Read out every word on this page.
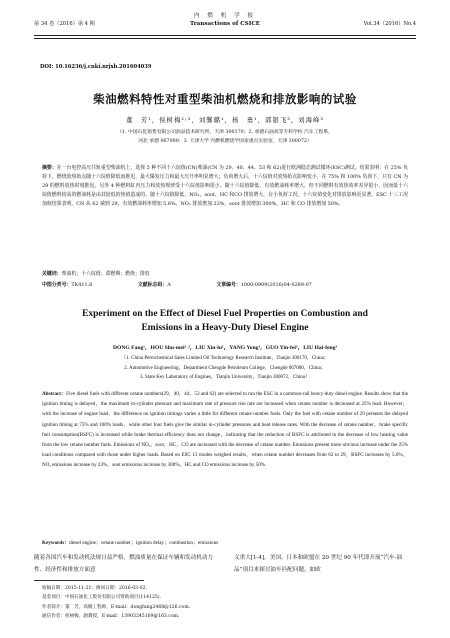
第 34 卷（2016）第 4 期
内 燃 机 学 报
Transactions of CSICE	Vol.34（2016）No.4
DOI: 10.16236/j.cnki.nrjxb.201604039
柴油燃料特性对重型柴油机燃烧和排放影响的试验
董　芳¹，侯树梅²˒³，刘馨璐¹，杨　勇¹，郭银飞³，刘海峰³
（1. 中国石化销售有限公司油品技术研究所，天津 300170；2. 承德石油高等专科学校 汽车工程系，
河北 承德 067000；3. 天津大学 内燃机燃烧学国家重点实验室，天津 300072）
摘要：在一台电控高压共轨重型柴油机上，选择 5 种不同十六烷值(CN)柴油(CN 为 29、40、44、53 和 62)进行欧洲稳态测试循环(ESC)测试。结果表明：在 25% 负荷下，燃烧放热始点随十六烷值降低而推迟，最大爆发压力和最大压升率明显增大；负荷增大后，十六烷值对放热始点影响变小，在 75% 和 100% 负荷下，只有 CN 为 29 的燃料放热时刻推迟。另外 4 种燃料缸内压力和放热规律受十六烷值影响很小。随十六烷值降低，有效燃油耗率增大，但不同燃料有效热效率差异很小，因而低十六烷值燃料较高的燃油耗是由其较低的热值造成的。随十六烷值降低，NOₓ、soot、HC 和CO 排放增大。在小负荷工况，十六烷值变化对排放影响更显著。ESC 十三工况加权结果表明，CN 从 62 减到 29，有效燃油耗率增加 5.6%，NOₓ 排放增加 23%，soot 排放增加 300%，HC 和 CO 排放增加 50%。
关键词：柴油机；十六烷值；滞燃期；燃烧；排放
中图分类号：TK411.8	文献标志码：A	文章编号：1000-0909(2016)04-0289-07
Experiment on the Effect of Diesel Fuel Properties on Combustion and
Emissions in a Heavy-Duty Diesel Engine
DONG Fang¹，HOU Shu-mei²˒³，LIU Xin-lu¹，YANG Yong¹，GUO Yin-fei³，LIU Hai-feng³
（1. China Petrochemical Sales Limited Oil Technology Research Institute，Tianjin 300170，China；
2. Automotive Engineering，Department Chengde Petroleum College，Chengde 067000，China；
3. State Key Laboratory of Engines，Tianjin University，Tianjin 300072，China）
Abstract：Five diesel fuels with different cetane numbers(29，40，44，53 and 62) are selected to run the ESC in a common-rail heavy-duty diesel engine. Results show that the ignition timing is delayed，the maximum in-cylinder pressure and maximum rate of pressure rise rate are increased when cetane number is decreased at 25% load. However，with the increase of engine load，the difference on ignition timings varies a little for different cetane number fuels. Only the fuel with cetane number of 29 presents the delayed ignition timing at 75% and 100% loads，while other four fuels give the similar in-cylinder pressures and heat release rates. With the decrease of cetane number，brake specific fuel consumption(BSFC) is increased while brake thermal efficiency does not change，indicating that the reduction of BSFC is attributed to the decrease of low heating value from the low cetane number fuels. Emissions of NOₓ，soot，HC，CO are increased with the decrease of cetane number. Emissions present more obvious increase under the 25% load conditions compared with those under higher loads. Based on ESC 13 modes weighed results，when cetane number decreases from 62 to 29，BSFC increases by 5.6%，NOₓ emissions increase by 23%，soot emissions increase by 300%，HC and CO emissions increase by 50%.
Keywords：diesel engine；cetane number；ignition delay；combustion；emissions
随着各国汽车和发动机法规日益严格，燃油质量在保证车辆和发动机动力性、经济性和排放方面意
义重大[1-4]。美国、日本和欧盟在 20 世纪 90 年代即开展“汽车-油品”项目来探讨油车匹配问题，如欧
收稿日期：2015-11-21；修回日期：2016-03-02.
基金项目：中国石油化工股份有限公司资助项目(114125).
作者简介：董　芳，高级工程师，E-mail：dongfang2468@126.com.
通信作者：侯树梅，副教授，E-mail：13903245169@163.com.
